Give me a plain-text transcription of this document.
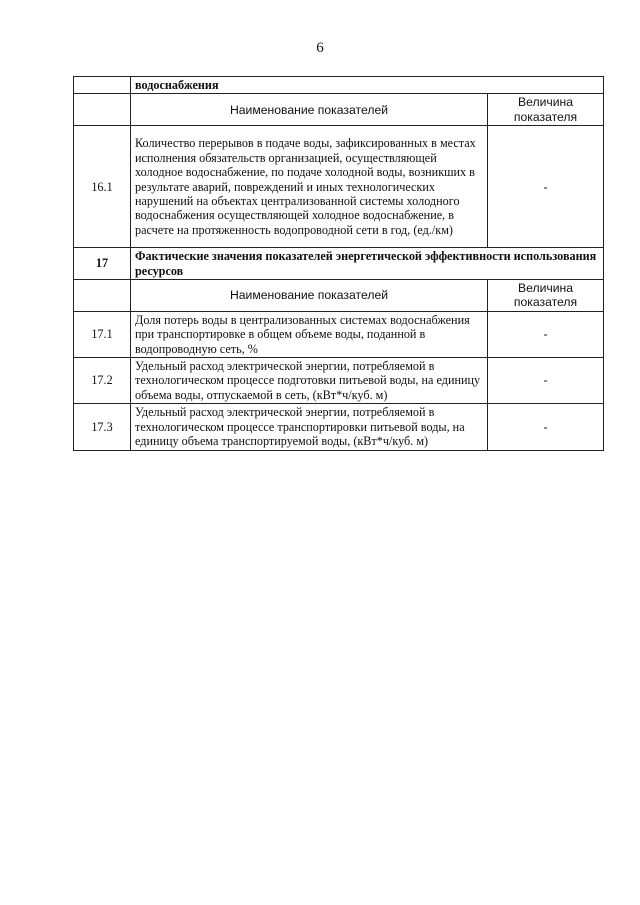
6
	водоснабжения	
	Наименование показателей	Величина показателя
16.1	Количество перерывов в подаче воды, зафиксированных в местах исполнения обязательств организацией, осуществляющей холодное водоснабжение, по подаче холодной воды, возникших в результате аварий, повреждений и иных технологических нарушений на объектах централизованной системы холодного водоснабжения осуществляющей холодное водоснабжение, в расчете на протяженность водопроводной сети в год, (ед./км)	-
17	Фактические значения показателей энергетической эффективности использования ресурсов	
	Наименование показателей	Величина показателя
17.1	Доля потерь воды в централизованных системах водоснабжения при транспортировке в общем объеме воды, поданной в водопроводную сеть, %	-
17.2	Удельный расход электрической энергии, потребляемой в технологическом процессе подготовки питьевой воды, на единицу объема воды, отпускаемой в сеть, (кВт*ч/куб. м)	-
17.3	Удельный расход электрической энергии, потребляемой в технологическом процессе транспортировки питьевой воды, на единицу объема транспортируемой воды, (кВт*ч/куб. м)	-
